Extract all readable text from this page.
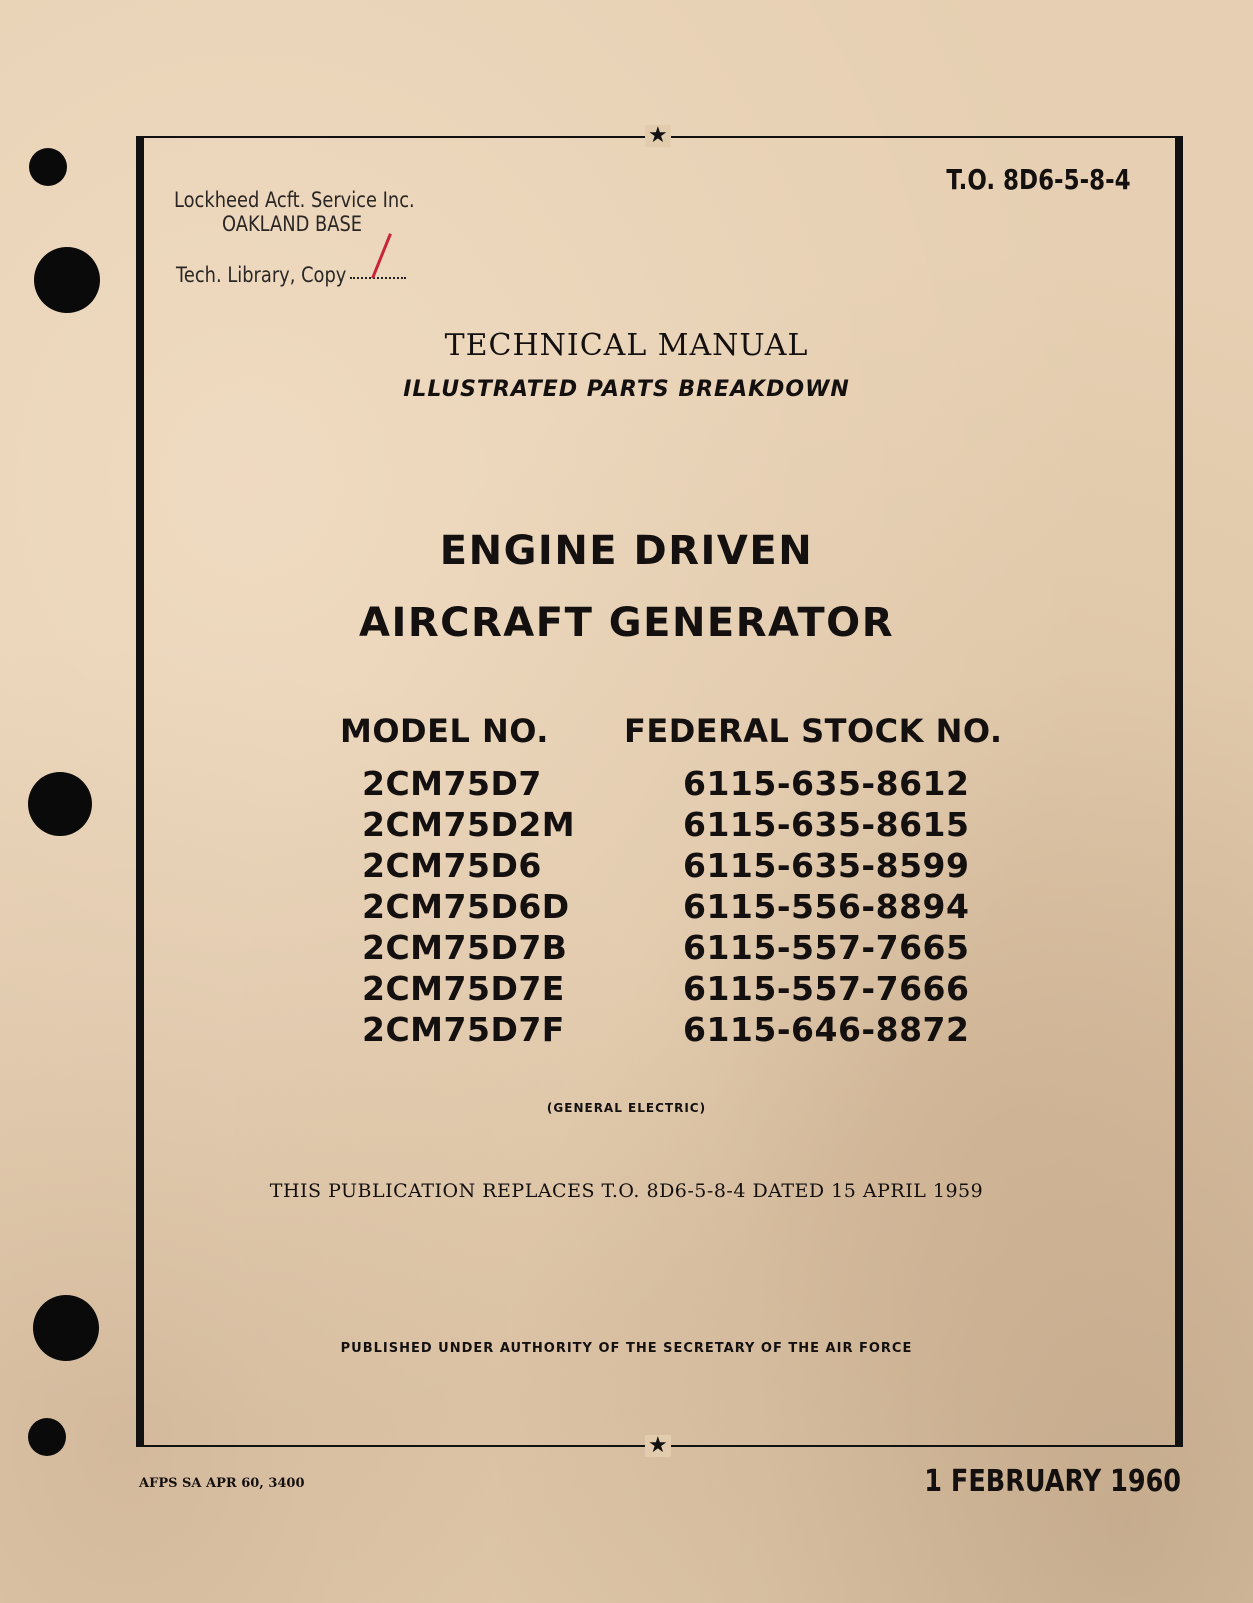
★
★
T.O. 8D6-5-8-4
Lockheed Acft. Service Inc.
OAKLAND BASE
Tech. Library, Copy
TECHNICAL MANUAL
ILLUSTRATED PARTS BREAKDOWN
ENGINE DRIVEN
AIRCRAFT GENERATOR
MODEL NO. FEDERAL STOCK NO.
2CM75D7	6115-635-8612
2CM75D2M	6115-635-8615
2CM75D6	6115-635-8599
2CM75D6D	6115-556-8894
2CM75D7B	6115-557-7665
2CM75D7E	6115-557-7666
2CM75D7F	6115-646-8872
(GENERAL ELECTRIC)
THIS PUBLICATION REPLACES T.O. 8D6-5-8-4 DATED 15 APRIL 1959
PUBLISHED UNDER AUTHORITY OF THE SECRETARY OF THE AIR FORCE
AFPS SA APR 60, 3400	1 FEBRUARY 1960
